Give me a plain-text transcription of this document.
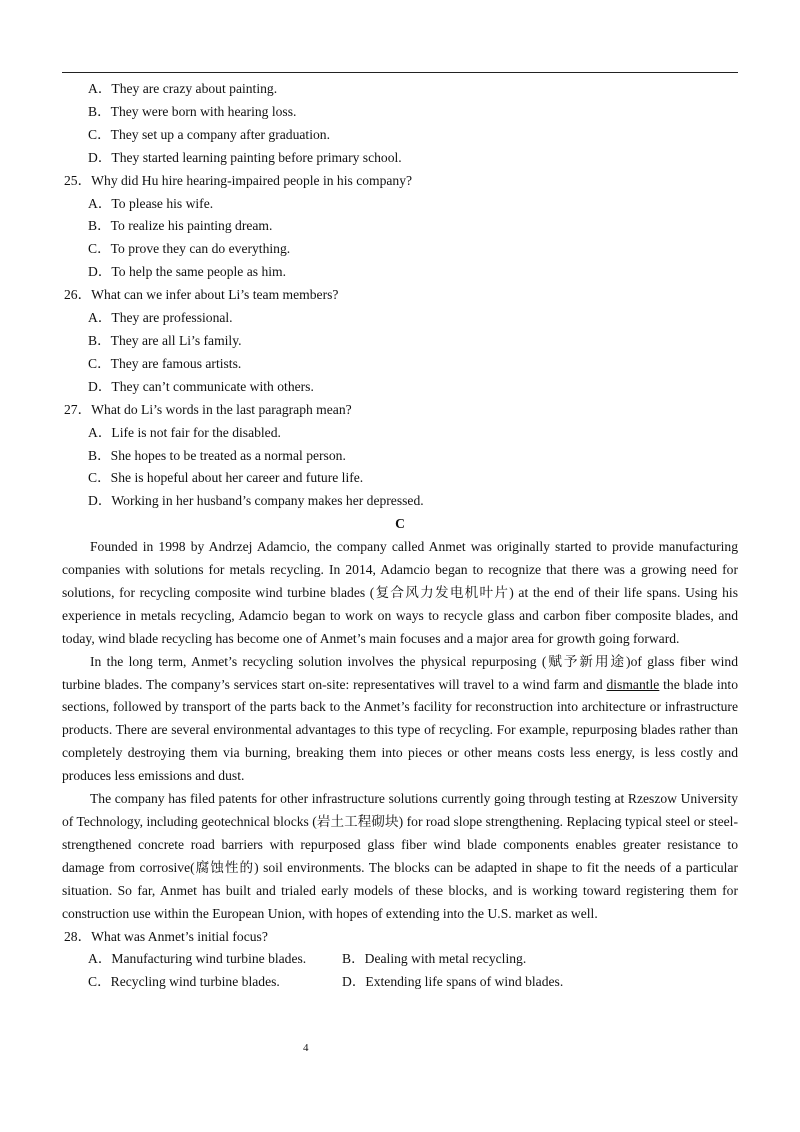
A．They are crazy about painting.
B．They were born with hearing loss.
C．They set up a company after graduation.
D．They started learning painting before primary school.
25．Why did Hu hire hearing-impaired people in his company?
A．To please his wife.
B．To realize his painting dream.
C．To prove they can do everything.
D．To help the same people as him.
26．What can we infer about Li’s team members?
A．They are professional.
B．They are all Li’s family.
C．They are famous artists.
D．They can’t communicate with others.
27．What do Li’s words in the last paragraph mean?
A．Life is not fair for the disabled.
B．She hopes to be treated as a normal person.
C．She is hopeful about her career and future life.
D．Working in her husband’s company makes her depressed.
C
Founded in 1998 by Andrzej Adamcio, the company called Anmet was originally started to provide manufacturing companies with solutions for metals recycling. In 2014, Adamcio began to recognize that there was a growing need for solutions, for recycling composite wind turbine blades (复合风力发电机叶片) at the end of their life spans. Using his experience in metals recycling, Adamcio began to work on ways to recycle glass and carbon fiber composite blades, and today, wind blade recycling has become one of Anmet’s main focuses and a major area for growth going forward.
In the long term, Anmet’s recycling solution involves the physical repurposing (赋予新用途)of glass fiber wind turbine blades. The company’s services start on-site: representatives will travel to a wind farm and dismantle the blade into sections, followed by transport of the parts back to the Anmet’s facility for reconstruction into architecture or infrastructure products. There are several environmental advantages to this type of recycling. For example, repurposing blades rather than completely destroying them via burning, breaking them into pieces or other means costs less energy, is less costly and produces less emissions and dust.
The company has filed patents for other infrastructure solutions currently going through testing at Rzeszow University of Technology, including geotechnical blocks (岩土工程砌块) for road slope strengthening. Replacing typical steel or steel-strengthened concrete road barriers with repurposed glass fiber wind blade components enables greater resistance to damage from corrosive(腐蚀性的) soil environments. The blocks can be adapted in shape to fit the needs of a particular situation. So far, Anmet has built and trialed early models of these blocks, and is working toward registering them for construction use within the European Union, with hopes of extending into the U.S. market as well.
28．What was Anmet’s initial focus?
A．Manufacturing wind turbine blades.	B．Dealing with metal recycling.
C．Recycling wind turbine blades.	D．Extending life spans of wind blades.
4
